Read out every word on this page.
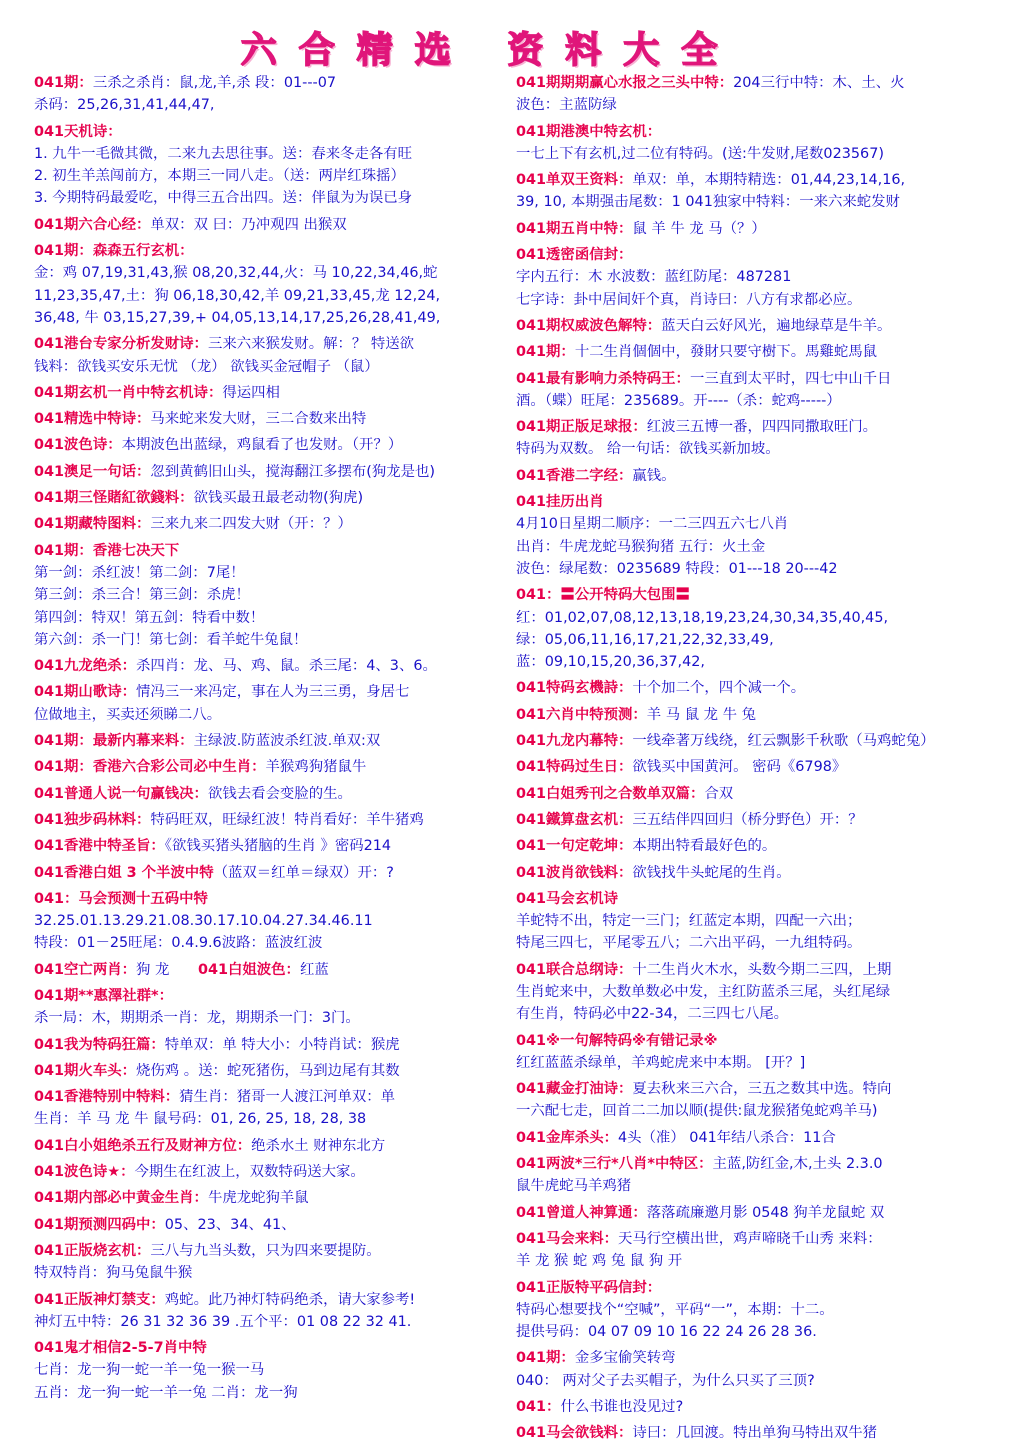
六合精选 资料大全
041期：三杀之杀肖：鼠,龙,羊,杀 段：01---07
杀码：25,26,31,41,44,47,
041天机诗：
1. 九牛一毛微其微，二来九去思往事。送：春来冬走各有旺
2. 初生羊羔闯前方，本期三一同八走。（送：两岸红珠摇）
3. 今期特码最爱吃，中得三五合出四。送：伴鼠为为误已身
041期六合心经：单双：双 曰：乃冲观四 出猴双
041期：森森五行玄机：
金：鸡 07,19,31,43,猴 08,20,32,44,火：马 10,22,34,46,蛇
11,23,35,47,土：狗 06,18,30,42,羊 09,21,33,45,龙 12,24,
36,48, 牛 03,15,27,39,+ 04,05,13,14,17,25,26,28,41,49,
041港台专家分析发财诗：三来六来猴发财。解：？ 特送欲
钱料：欲钱买安乐无忧 （龙） 欲钱买金冠帽子 （鼠）
041期玄机一肖中特玄机诗：得运四相
041精选中特诗：马来蛇来发大财，三二合数来出特
041波色诗：本期波色出蓝绿，鸡鼠看了也发财。（开？）
041澳足一句话：忽到黄鹤旧山头，搅海翻江多摆布(狗龙是也)
041期三怪賭紅欲錢料：欲钱买最丑最老动物(狗虎)
041期藏特图料：三来九来二四发大财（开：？）
041期：香港七决天下
第一剑：杀红波！第二剑：7尾！
第三剑：杀三合！第三剑：杀虎！
第四剑：特双！第五剑：特看中数！
第六剑：杀一门！第七剑：看羊蛇牛兔鼠！
041九龙绝杀：杀四肖：龙、马、鸡、鼠。杀三尾：4、3、6。
041期山歌诗：情冯三一来冯定，事在人为三三勇，身居七
位做地主，买卖还须睇二八。
041期：最新内幕来料：主绿波.防蓝波杀红波.单双:双
041期：香港六合彩公司必中生肖：羊猴鸡狗猪鼠牛
041普通人说一句赢钱决：欲钱去看会变脸的生。
041独步码林料：特码旺双，旺绿红波！特肖看好：羊牛猪鸡
041香港中特圣旨：《欲钱买猪头猪脑的生肖 》密码214
041香港白姐 3 个半波中特（蓝双＝红单＝绿双）开：?
041：马会预测十五码中特
32.25.01.13.29.21.08.30.17.10.04.27.34.46.11
特段：01－25旺尾：0.4.9.6波路：蓝波红波
041空亡两肖：狗 龙 041白姐波色：红蓝
041期**惠澤社群*：
杀一局：木，期期杀一肖：龙，期期杀一门：3门。
041我为特码狂篇：特单双：单 特大小：小特肖试：猴虎
041期火车头：烧伤鸡 。送：蛇死猪伤，马到边尾有其数
041香港特别中特料：猜生肖：猪哥一人渡江河单双：单
生肖：羊 马 龙 牛 鼠号码：01, 26, 25, 18, 28, 38
041白小姐绝杀五行及财神方位：绝杀水土 财神东北方
041波色诗★：今期生在红波上，双数特码送大家。
041期内部必中黄金生肖：牛虎龙蛇狗羊鼠
041期预测四码中：05、23、34、41、
041正版烧玄机：三八与九当头数，只为四来要提防。
特双特肖：狗马兔鼠牛猴
041正版神灯禁支：鸡蛇。此乃神灯特码绝杀，请大家参考!
神灯五中特：26 31 32 36 39 .五个平：01 08 22 32 41.
041鬼才相信2-5-7肖中特
七肖：龙一狗一蛇一羊一兔一猴一马
五肖：龙一狗一蛇一羊一兔 二肖：龙一狗
041期期期赢心水报之三头中特：204三行中特：木、土、火
波色：主蓝防绿
041期港澳中特玄机：
一七上下有玄机,过二位有特码。(送:牛发财,尾数023567)
041单双王资料：单双：单，本期特精选：01,44,23,14,16,
39, 10, 本期强击尾数：1 041独家中特料：一来六来蛇发财
041期五肖中特：鼠 羊 牛 龙 马（？）
041透密函信封：
字内五行：木 水波数：蓝红防尾：487281
七字诗：卦中居间奸个真，肖诗曰：八方有求都必应。
041期权威波色解特：蓝天白云好风光，遍地绿草是牛羊。
041期：十二生肖個個中，發財只要守樹下。馬雞蛇馬鼠
041最有影响力杀特码王：一三直到太平时，四七中山千日
酒。（蝶）旺尾：235689。开----（杀：蛇鸡-----）
041期正版足球报：红波三五博一番，四四同撒取旺门。
特码为双数。 给一句话：欲钱买新加坡。
041香港二字经：赢钱。
041挂历出肖
4月10日星期二顺序：一二三四五六七八肖
出肖：牛虎龙蛇马猴狗猪 五行：火土金
波色：绿尾数：0235689 特段：01---18 20---42
041：〓公开特码大包围〓
红：01,02,07,08,12,13,18,19,23,24,30,34,35,40,45,
绿：05,06,11,16,17,21,22,32,33,49,
蓝：09,10,15,20,36,37,42,
041特码玄機詩：十个加二个，四个减一个。
041六肖中特预测：羊 马 鼠 龙 牛 兔
041九龙内幕特：一线牵著万线绕，红云飘影千秋歌（马鸡蛇兔）
041特码过生日：欲钱买中国黄河。 密码《6798》
041白姐秀刊之合数单双篇：合双
041鐵算盘玄机：三五结伴四回归（桥分野色）开：？
041一句定乾坤：本期出特看最好色的。
041波肖欲钱料：欲钱找牛头蛇尾的生肖。
041马会玄机诗
羊蛇特不出，特定一三门；红蓝定本期，四配一六出；
特尾三四七，平尾零五八；二六出平码，一九组特码。
041联合总纲诗：十二生肖火木水，头数今期二三四，上期
生肖蛇来中，大数单数必中发，主红防蓝杀三尾，头红尾绿
有生肖，特码必中22-34，二三四七八尾。
041※一句解特码※有错记录※
红红蓝蓝杀绿单，羊鸡蛇虎来中本期。 [开？]
041藏金打油诗：夏去秋来三六合，三五之数其中选。特向
一六配七走，回首二二加以顺(提供:鼠龙猴猪兔蛇鸡羊马)
041金库杀头：4头（准） 041年结八杀合：11合
041两波*三行*八肖*中特区：主蓝,防红金,木,土头 2.3.0
鼠牛虎蛇马羊鸡猪
041曾道人神算通：落落疏廉邀月影 0548 狗羊龙鼠蛇 双
041马会来料：天马行空横出世，鸡声啼晓千山秀 来料：
羊 龙 猴 蛇 鸡 兔 鼠 狗 开
041正版特平码信封：
特码心想要找个“空喊”，平码“一”，本期：十二。
提供号码：04 07 09 10 16 22 24 26 28 36.
041期：金多宝偷笑转弯
040： 两对父子去买帽子，为什么只买了三顶?
041：什么书谁也没见过?
041马会欲钱料：诗曰：几回渡。特出单狗马特出双牛猪
